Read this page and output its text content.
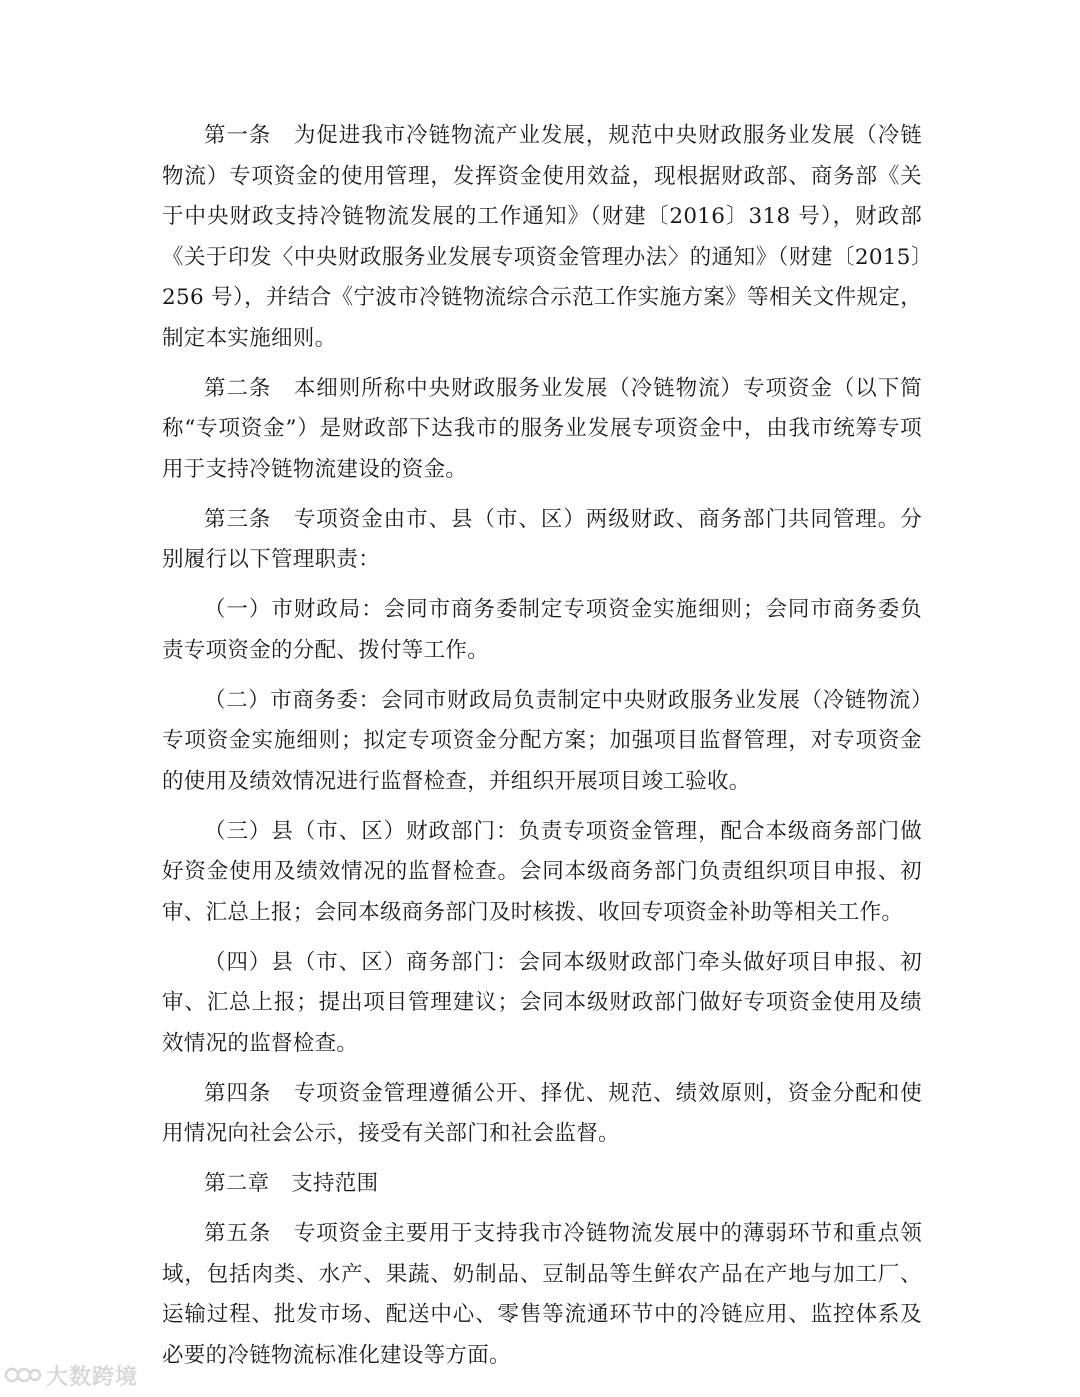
第一条　为促进我市冷链物流产业发展，规范中央财政服务业发展（冷链物流）专项资金的使用管理，发挥资金使用效益，现根据财政部、商务部《关于中央财政支持冷链物流发展的工作通知》（财建〔2016〕318 号），财政部《关于印发〈中央财政服务业发展专项资金管理办法〉的通知》（财建〔2015〕256 号），并结合《宁波市冷链物流综合示范工作实施方案》等相关文件规定，制定本实施细则。

第二条　本细则所称中央财政服务业发展（冷链物流）专项资金（以下简称“专项资金”）是财政部下达我市的服务业发展专项资金中，由我市统筹专项用于支持冷链物流建设的资金。

第三条　专项资金由市、县（市、区）两级财政、商务部门共同管理。分别履行以下管理职责：

（一）市财政局：会同市商务委制定专项资金实施细则；会同市商务委负责专项资金的分配、拨付等工作。

（二）市商务委：会同市财政局负责制定中央财政服务业发展（冷链物流）专项资金实施细则；拟定专项资金分配方案；加强项目监督管理，对专项资金的使用及绩效情况进行监督检查，并组织开展项目竣工验收。

（三）县（市、区）财政部门：负责专项资金管理，配合本级商务部门做好资金使用及绩效情况的监督检查。会同本级商务部门负责组织项目申报、初审、汇总上报；会同本级商务部门及时核拨、收回专项资金补助等相关工作。

（四）县（市、区）商务部门：会同本级财政部门牵头做好项目申报、初审、汇总上报；提出项目管理建议；会同本级财政部门做好专项资金使用及绩效情况的监督检查。

第四条　专项资金管理遵循公开、择优、规范、绩效原则，资金分配和使用情况向社会公示，接受有关部门和社会监督。

第二章　支持范围

第五条　专项资金主要用于支持我市冷链物流发展中的薄弱环节和重点领域，包括肉类、水产、果蔬、奶制品、豆制品等生鲜农产品在产地与加工厂、运输过程、批发市场、配送中心、零售等流通环节中的冷链应用、监控体系及必要的冷链物流标准化建设等方面。

大数跨境
